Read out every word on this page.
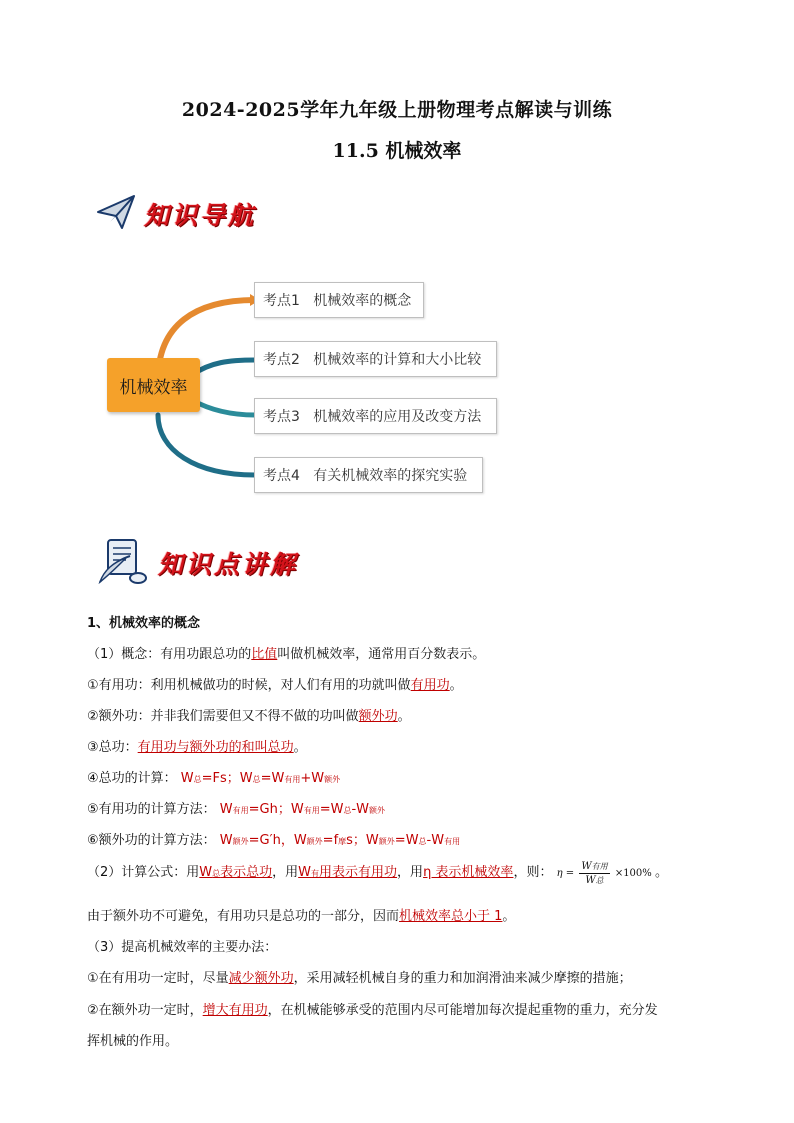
2024-2025学年九年级上册物理考点解读与训练
11.5 机械效率
知识导航
机械效率
考点1   机械效率的概念
考点2   机械效率的计算和大小比较
考点3   机械效率的应用及改变方法
考点4   有关机械效率的探究实验
知识点讲解
1、机械效率的概念
（1）概念：有用功跟总功的比值叫做机械效率，通常用百分数表示。
①有用功：利用机械做功的时候，对人们有用的功就叫做有用功。
②额外功：并非我们需要但又不得不做的功叫做额外功。
③总功：有用功与额外功的和叫总功。
④总功的计算： W总=Fs；W总=W有用+W额外
⑤有用功的计算方法： W有用=Gh；W有用=W总-W额外
⑥额外功的计算方法： W额外=G′h，W额外=f摩s；W额外=W总-W有用
（2）计算公式：用W总表示总功，用W有用表示有用功，用η 表示机械效率，则： $\eta = \frac{\text{W有用}}{\text{W总}} \times 100\%$ 。
由于额外功不可避免，有用功只是总功的一部分，因而机械效率总小于 1。
（3）提高机械效率的主要办法：
①在有用功一定时，尽量减少额外功，采用减轻机械自身的重力和加润滑油来减少摩擦的措施；
②在额外功一定时，增大有用功，在机械能够承受的范围内尽可能增加每次提起重物的重力，充分发
挥机械的作用。
